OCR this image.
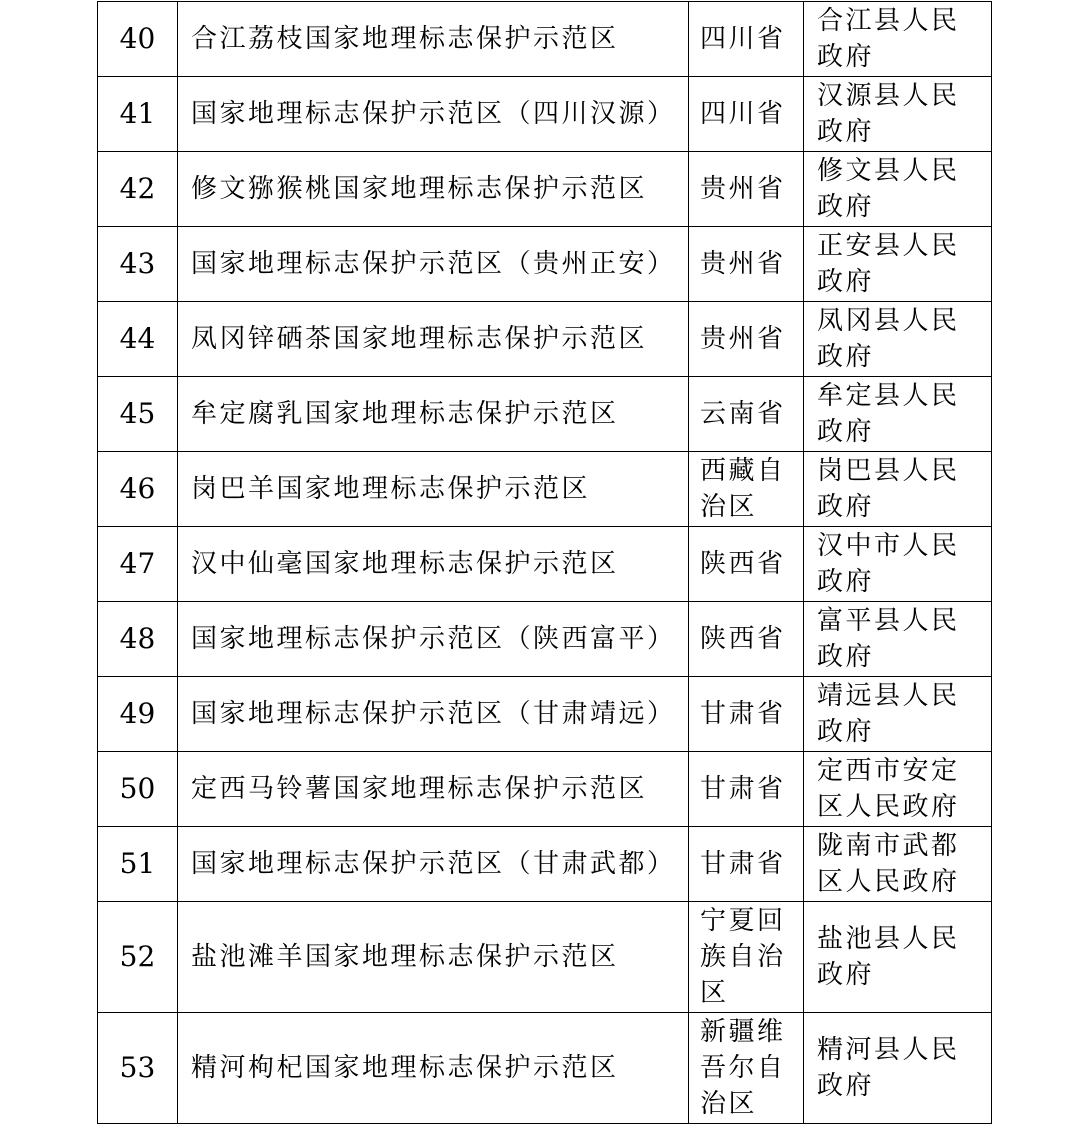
40	合江荔枝国家地理标志保护示范区	四川省	合江县人民政府
41	国家地理标志保护示范区（四川汉源）	四川省	汉源县人民政府
42	修文猕猴桃国家地理标志保护示范区	贵州省	修文县人民政府
43	国家地理标志保护示范区（贵州正安）	贵州省	正安县人民政府
44	凤冈锌硒茶国家地理标志保护示范区	贵州省	凤冈县人民政府
45	牟定腐乳国家地理标志保护示范区	云南省	牟定县人民政府
46	岗巴羊国家地理标志保护示范区	西藏自治区	岗巴县人民政府
47	汉中仙毫国家地理标志保护示范区	陕西省	汉中市人民政府
48	国家地理标志保护示范区（陕西富平）	陕西省	富平县人民政府
49	国家地理标志保护示范区（甘肃靖远）	甘肃省	靖远县人民政府
50	定西马铃薯国家地理标志保护示范区	甘肃省	定西市安定区人民政府
51	国家地理标志保护示范区（甘肃武都）	甘肃省	陇南市武都区人民政府
52	盐池滩羊国家地理标志保护示范区	宁夏回族自治区	盐池县人民政府
53	精河枸杞国家地理标志保护示范区	新疆维吾尔自治区	精河县人民政府
